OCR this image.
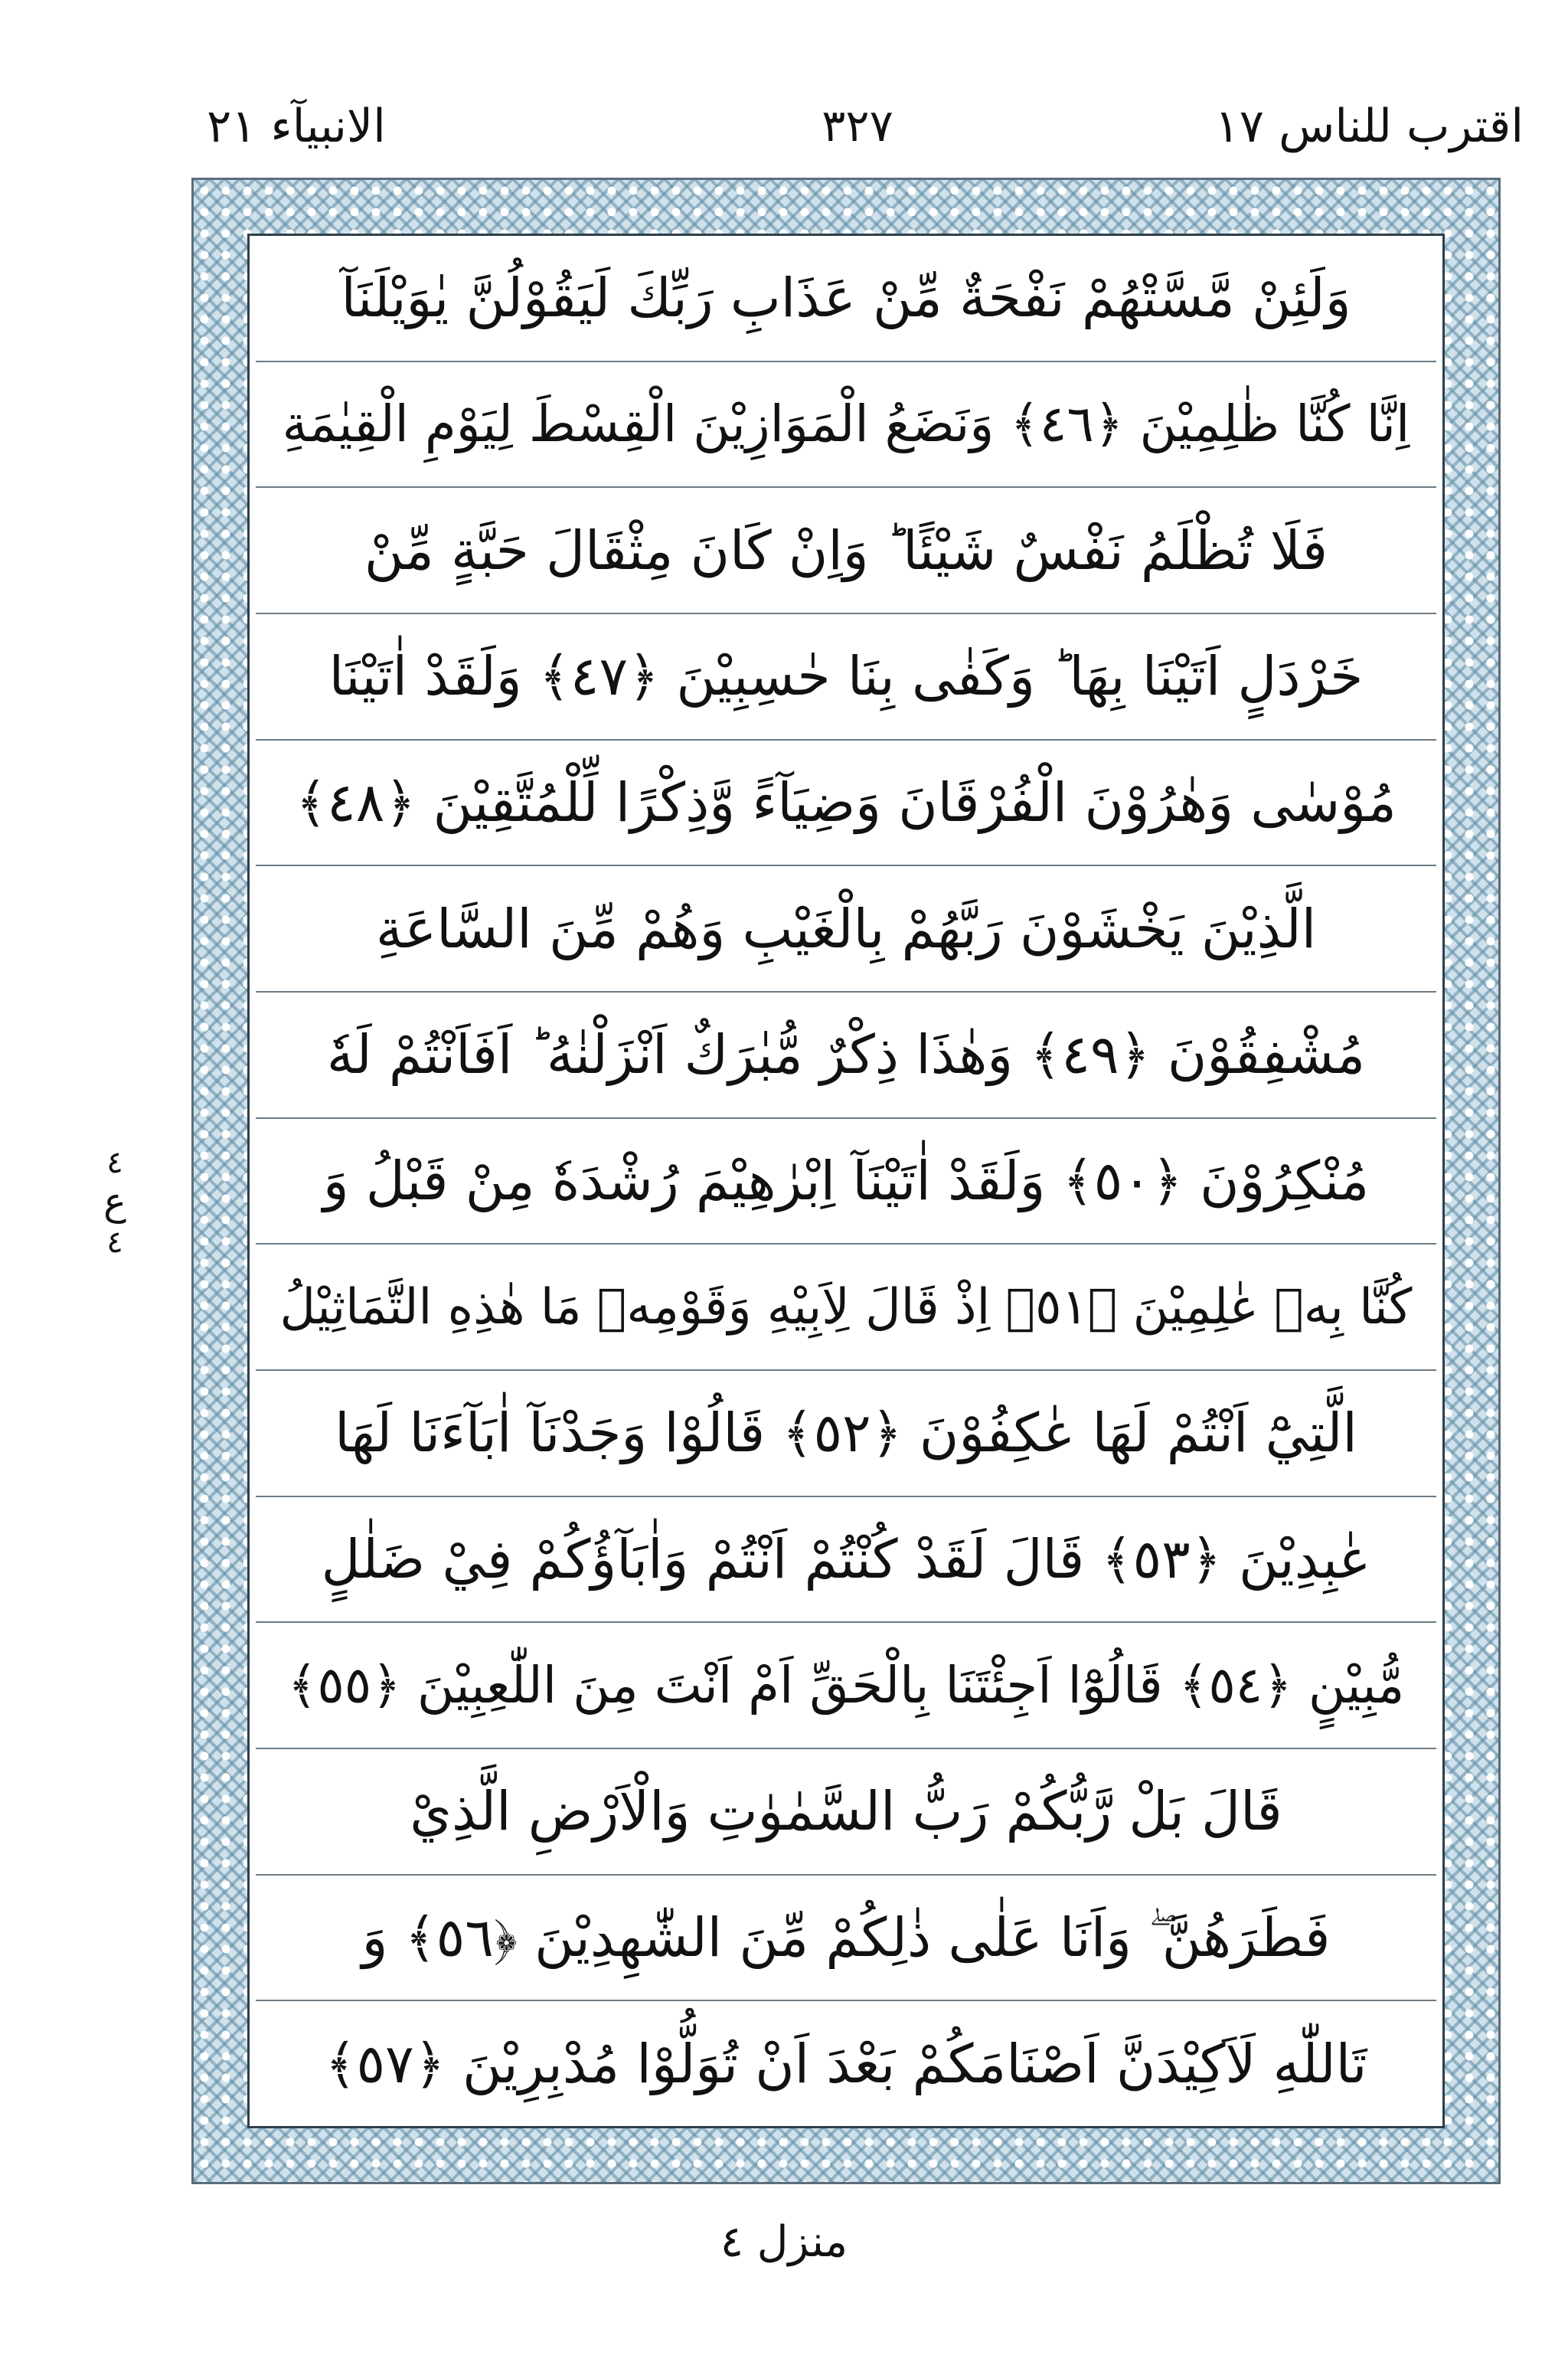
اقترب للناس ١٧
٣٢٧
الانبیآء ٢١
٤
ع
٤
وَلَئِنْ مَّسَّتْهُمْ نَفْحَةٌ مِّنْ عَذَابِ رَبِّكَ لَيَقُوْلُنَّ يٰوَيْلَنَآ
اِنَّا كُنَّا ظٰلِمِيْنَ ﴿٤٦﴾ وَنَضَعُ الْمَوَازِيْنَ الْقِسْطَ لِيَوْمِ الْقِيٰمَةِ
فَلَا تُظْلَمُ نَفْسٌ شَيْئًا ؕ وَاِنْ كَانَ مِثْقَالَ حَبَّةٍ مِّنْ
خَرْدَلٍ اَتَيْنَا بِهَا ؕ وَكَفٰى بِنَا حٰسِبِيْنَ ﴿٤٧﴾ وَلَقَدْ اٰتَيْنَا
مُوْسٰى وَهٰرُوْنَ الْفُرْقَانَ وَضِيَآءً وَّذِكْرًا لِّلْمُتَّقِيْنَ ﴿٤٨﴾
الَّذِيْنَ يَخْشَوْنَ رَبَّهُمْ بِالْغَيْبِ وَهُمْ مِّنَ السَّاعَةِ
مُشْفِقُوْنَ ﴿٤٩﴾ وَهٰذَا ذِكْرٌ مُّبٰرَكٌ اَنْزَلْنٰهُ ؕ اَفَاَنْتُمْ لَهٗ
مُنْكِرُوْنَ ﴿٥٠﴾ وَلَقَدْ اٰتَيْنَآ اِبْرٰهِيْمَ رُشْدَهٗ مِنْ قَبْلُ وَ
كُنَّا بِهٖ عٰلِمِيْنَ ﴿٥١﴾ اِذْ قَالَ لِاَبِيْهِ وَقَوْمِهٖ مَا هٰذِهِ التَّمَاثِيْلُ
الَّتِيْٓ اَنْتُمْ لَهَا عٰكِفُوْنَ ﴿٥٢﴾ قَالُوْا وَجَدْنَآ اٰبَآءَنَا لَهَا
عٰبِدِيْنَ ﴿٥٣﴾ قَالَ لَقَدْ كُنْتُمْ اَنْتُمْ وَاٰبَآؤُكُمْ فِيْ ضَلٰلٍ
مُّبِيْنٍ ﴿٥٤﴾ قَالُوْٓا اَجِئْتَنَا بِالْحَقِّ اَمْ اَنْتَ مِنَ اللّٰعِبِيْنَ ﴿٥٥﴾
قَالَ بَلْ رَّبُّكُمْ رَبُّ السَّمٰوٰتِ وَالْاَرْضِ الَّذِيْ
فَطَرَهُنَّ ۖ وَاَنَا عَلٰى ذٰلِكُمْ مِّنَ الشّٰهِدِيْنَ ﴿٥٦﴾ وَ
تَاللّٰهِ لَاَكِيْدَنَّ اَصْنَامَكُمْ بَعْدَ اَنْ تُوَلُّوْا مُدْبِرِيْنَ ﴿٥٧﴾
منزل ٤
